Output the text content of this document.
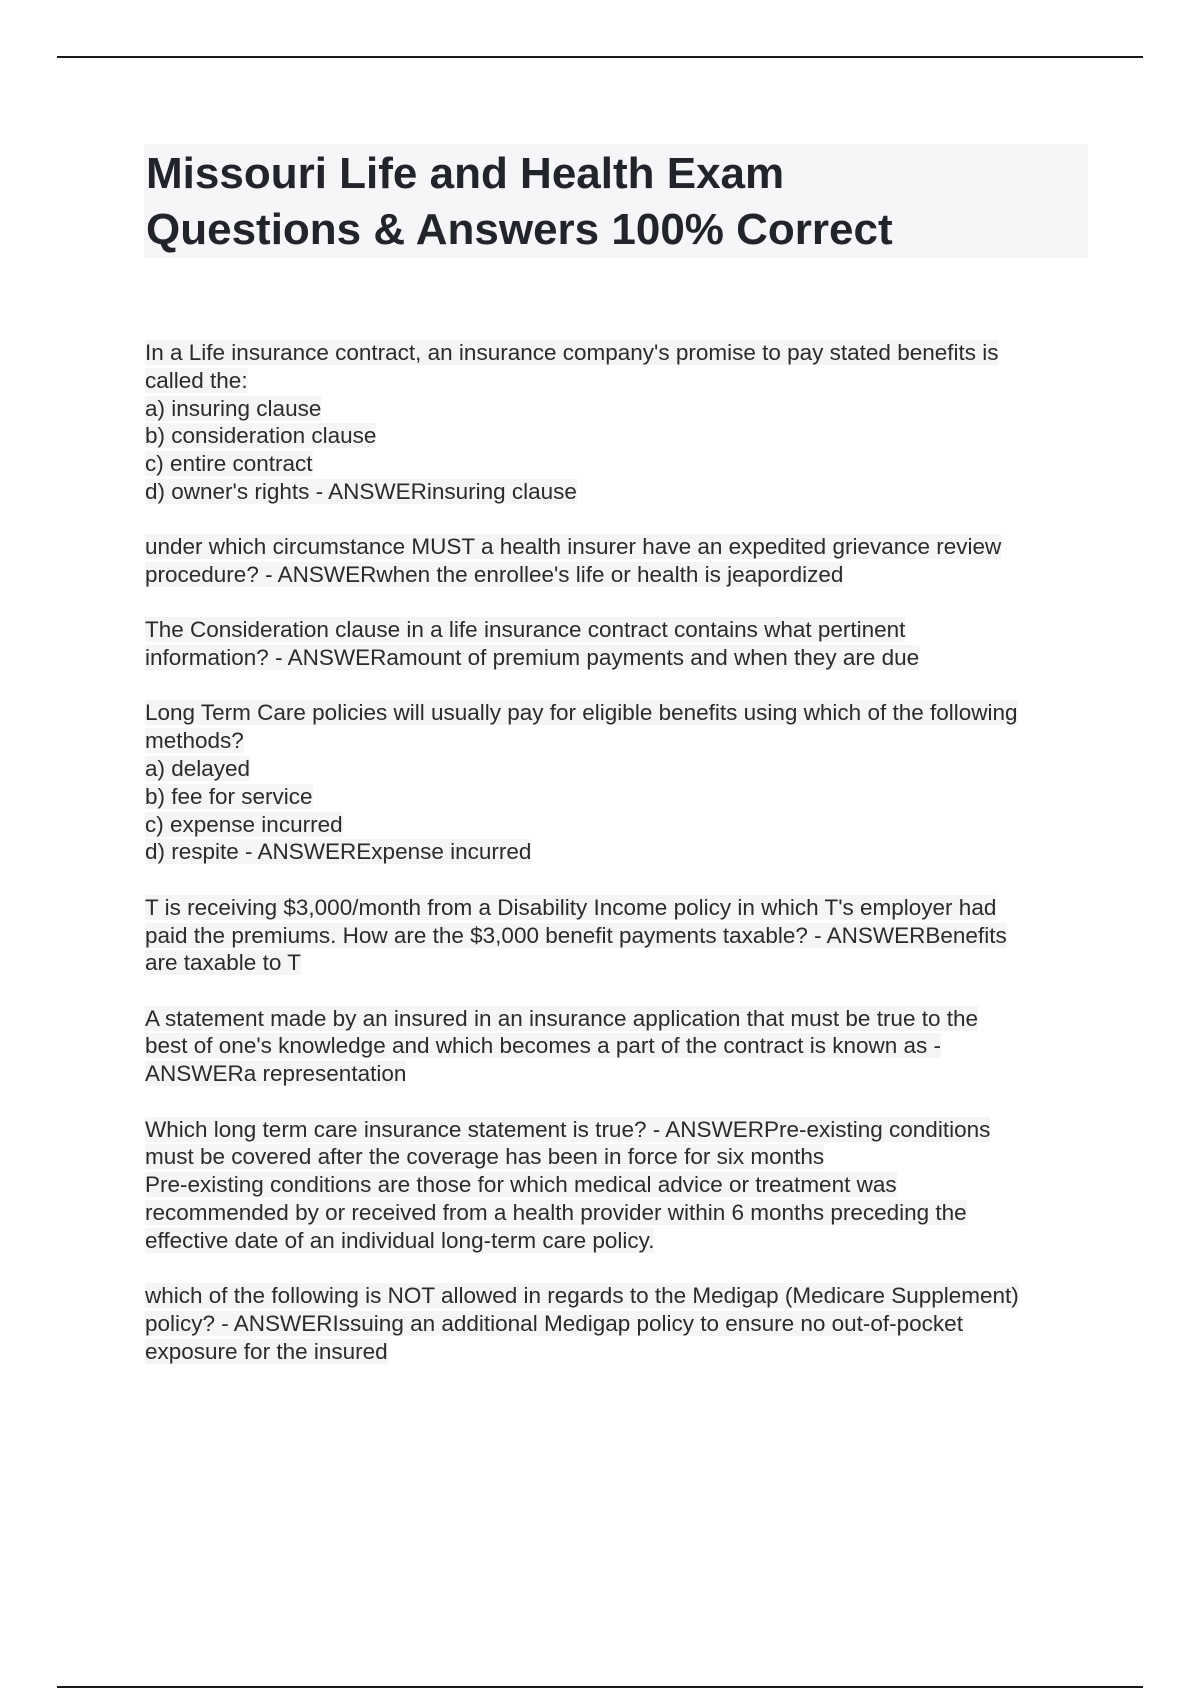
Missouri Life and Health Exam
Questions & Answers 100% Correct
In a Life insurance contract, an insurance company's promise to pay stated benefits is
called the:
a) insuring clause
b) consideration clause
c) entire contract
d) owner's rights - ANSWERinsuring clause
under which circumstance MUST a health insurer have an expedited grievance review
procedure? - ANSWERwhen the enrollee's life or health is jeapordized
The Consideration clause in a life insurance contract contains what pertinent
information? - ANSWERamount of premium payments and when they are due
Long Term Care policies will usually pay for eligible benefits using which of the following
methods?
a) delayed
b) fee for service
c) expense incurred
d) respite - ANSWERExpense incurred
T is receiving $3,000/month from a Disability Income policy in which T's employer had
paid the premiums. How are the $3,000 benefit payments taxable? - ANSWERBenefits
are taxable to T
A statement made by an insured in an insurance application that must be true to the
best of one's knowledge and which becomes a part of the contract is known as -
ANSWERa representation
Which long term care insurance statement is true? - ANSWERPre-existing conditions
must be covered after the coverage has been in force for six months
Pre-existing conditions are those for which medical advice or treatment was
recommended by or received from a health provider within 6 months preceding the
effective date of an individual long-term care policy.
which of the following is NOT allowed in regards to the Medigap (Medicare Supplement)
policy? - ANSWERIssuing an additional Medigap policy to ensure no out-of-pocket
exposure for the insured
